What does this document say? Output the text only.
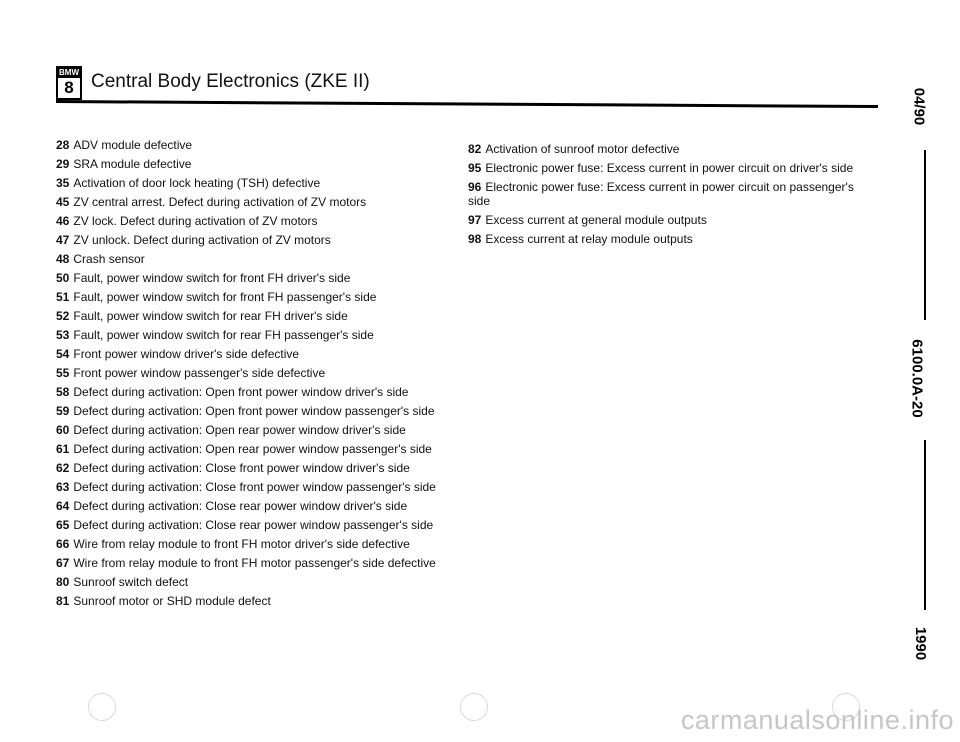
BMW
8 Central Body Electronics (ZKE II)
28 ADV module defective
29 SRA module defective
35 Activation of door lock heating (TSH) defective
45 ZV central arrest. Defect during activation of ZV motors
46 ZV lock. Defect during activation of ZV motors
47 ZV unlock. Defect during activation of ZV motors
48 Crash sensor
50 Fault, power window switch for front FH driver's side
51 Fault, power window switch for front FH passenger's side
52 Fault, power window switch for rear FH driver's side
53 Fault, power window switch for rear FH passenger's side
54 Front power window driver's side defective
55 Front power window passenger's side defective
58 Defect during activation: Open front power window driver's side
59 Defect during activation: Open front power window passenger's side
60 Defect during activation: Open rear power window driver's side
61 Defect during activation: Open rear power window passenger's side
62 Defect during activation: Close front power window driver's side
63 Defect during activation: Close front power window passenger's side
64 Defect during activation: Close rear power window driver's side
65 Defect during activation: Close rear power window passenger's side
66 Wire from relay module to front FH motor driver's side defective
67 Wire from relay module to front FH motor passenger's side defective
80 Sunroof switch defect
81 Sunroof motor or SHD module defect
82 Activation of sunroof motor defective
95 Electronic power fuse: Excess current in power circuit on driver's side
96 Electronic power fuse: Excess current in power circuit on passenger's side
97 Excess current at general module outputs
98 Excess current at relay module outputs
04/90
6100.0A-20
1990
carmanualsonline.info
